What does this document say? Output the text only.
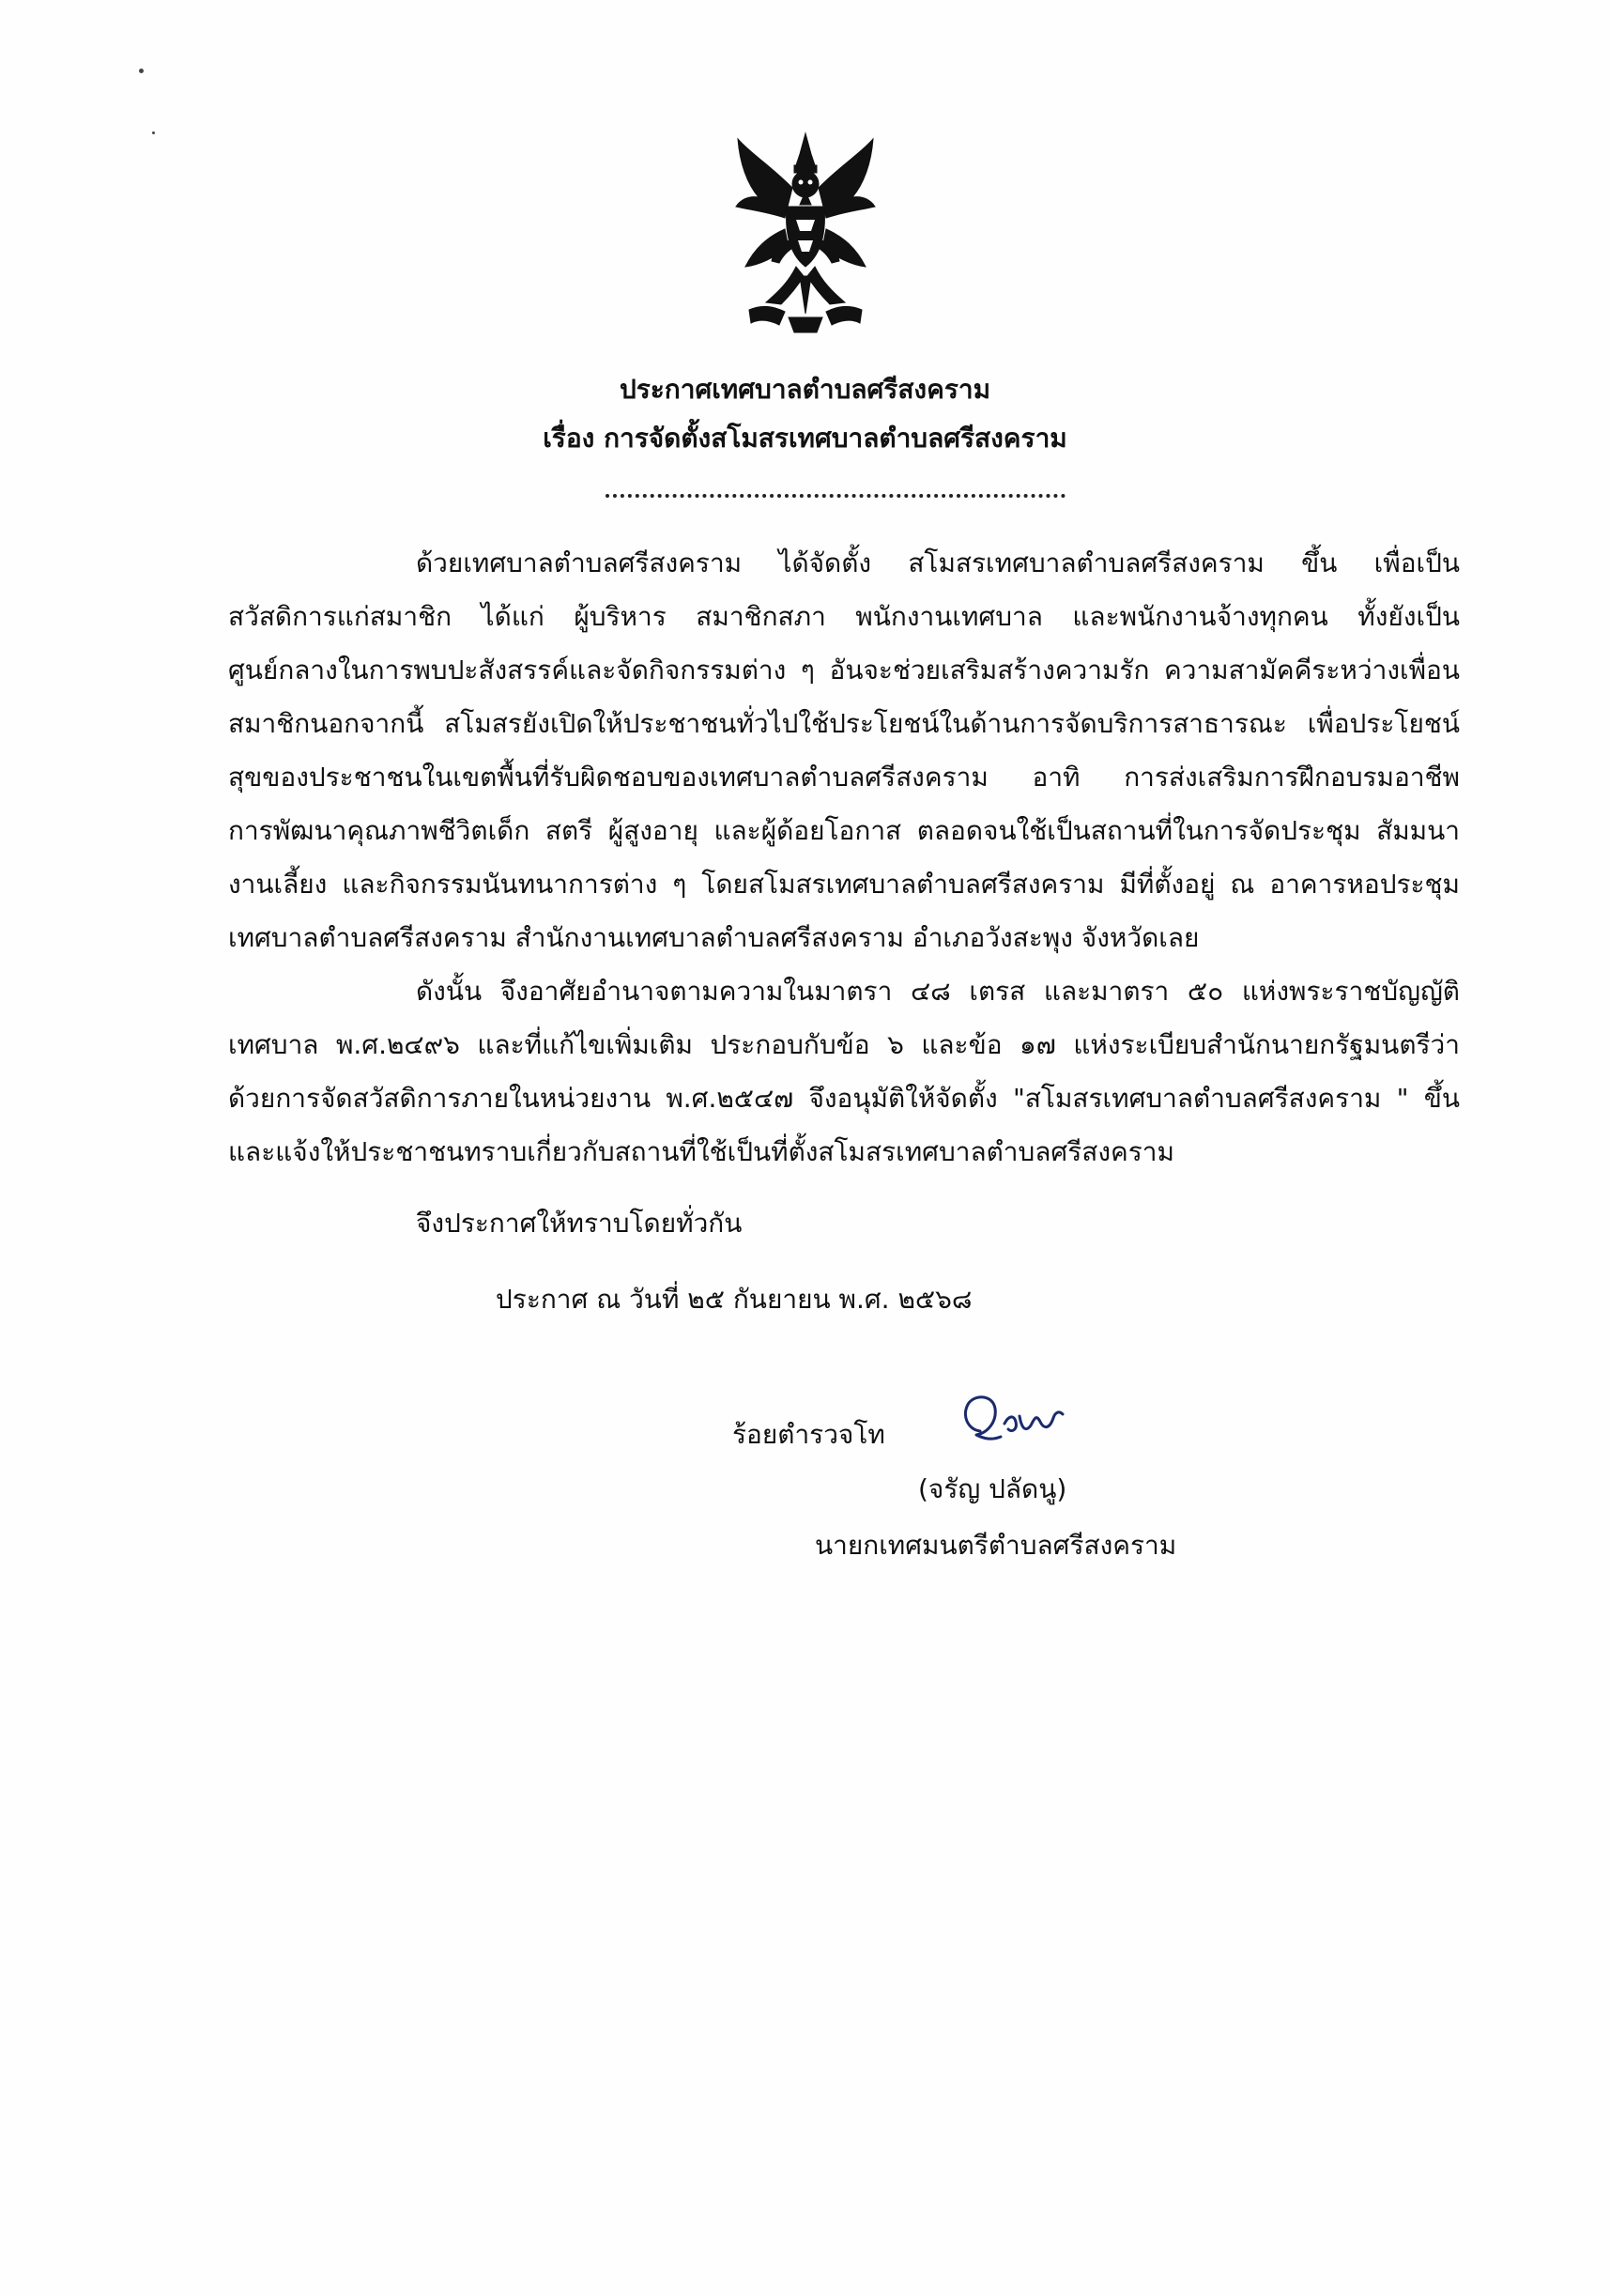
ประกาศเทศบาลตำบลศรีสงคราม
เรื่อง การจัดตั้งสโมสรเทศบาลตำบลศรีสงคราม
ด้วยเทศบาลตำบลศรีสงคราม ได้จัดตั้ง สโมสรเทศบาลตำบลศรีสงคราม ขึ้น เพื่อเป็น
สวัสดิการแก่สมาชิก ได้แก่ ผู้บริหาร สมาชิกสภา พนักงานเทศบาล และพนักงานจ้างทุกคน ทั้งยังเป็น
ศูนย์กลางในการพบปะสังสรรค์และจัดกิจกรรมต่าง ๆ อันจะช่วยเสริมสร้างความรัก ความสามัคคีระหว่างเพื่อน
สมาชิกนอกจากนี้ สโมสรยังเปิดให้ประชาชนทั่วไปใช้ประโยชน์ในด้านการจัดบริการสาธารณะ เพื่อประโยชน์
สุขของประชาชนในเขตพื้นที่รับผิดชอบของเทศบาลตำบลศรีสงคราม อาทิ การส่งเสริมการฝึกอบรมอาชีพ
การพัฒนาคุณภาพชีวิตเด็ก สตรี ผู้สูงอายุ และผู้ด้อยโอกาส ตลอดจนใช้เป็นสถานที่ในการจัดประชุม สัมมนา
งานเลี้ยง และกิจกรรมนันทนาการต่าง ๆ โดยสโมสรเทศบาลตำบลศรีสงคราม มีที่ตั้งอยู่ ณ อาคารหอประชุม
เทศบาลตำบลศรีสงคราม สำนักงานเทศบาลตำบลศรีสงคราม อำเภอวังสะพุง จังหวัดเลย
ดังนั้น จึงอาศัยอำนาจตามความในมาตรา ๔๘ เตรส และมาตรา ๕๐ แห่งพระราชบัญญัติ
เทศบาล พ.ศ.๒๔๙๖ และที่แก้ไขเพิ่มเติม ประกอบกับข้อ ๖ และข้อ ๑๗ แห่งระเบียบสำนักนายกรัฐมนตรีว่า
ด้วยการจัดสวัสดิการภายในหน่วยงาน พ.ศ.๒๕๔๗ จึงอนุมัติให้จัดตั้ง "สโมสรเทศบาลตำบลศรีสงคราม " ขึ้น
และแจ้งให้ประชาชนทราบเกี่ยวกับสถานที่ใช้เป็นที่ตั้งสโมสรเทศบาลตำบลศรีสงคราม
จึงประกาศให้ทราบโดยทั่วกัน
ประกาศ ณ วันที่ ๒๕ กันยายน พ.ศ. ๒๕๖๘
ร้อยตำรวจโท
(จรัญ ปลัดนู)
นายกเทศมนตรีตำบลศรีสงคราม
